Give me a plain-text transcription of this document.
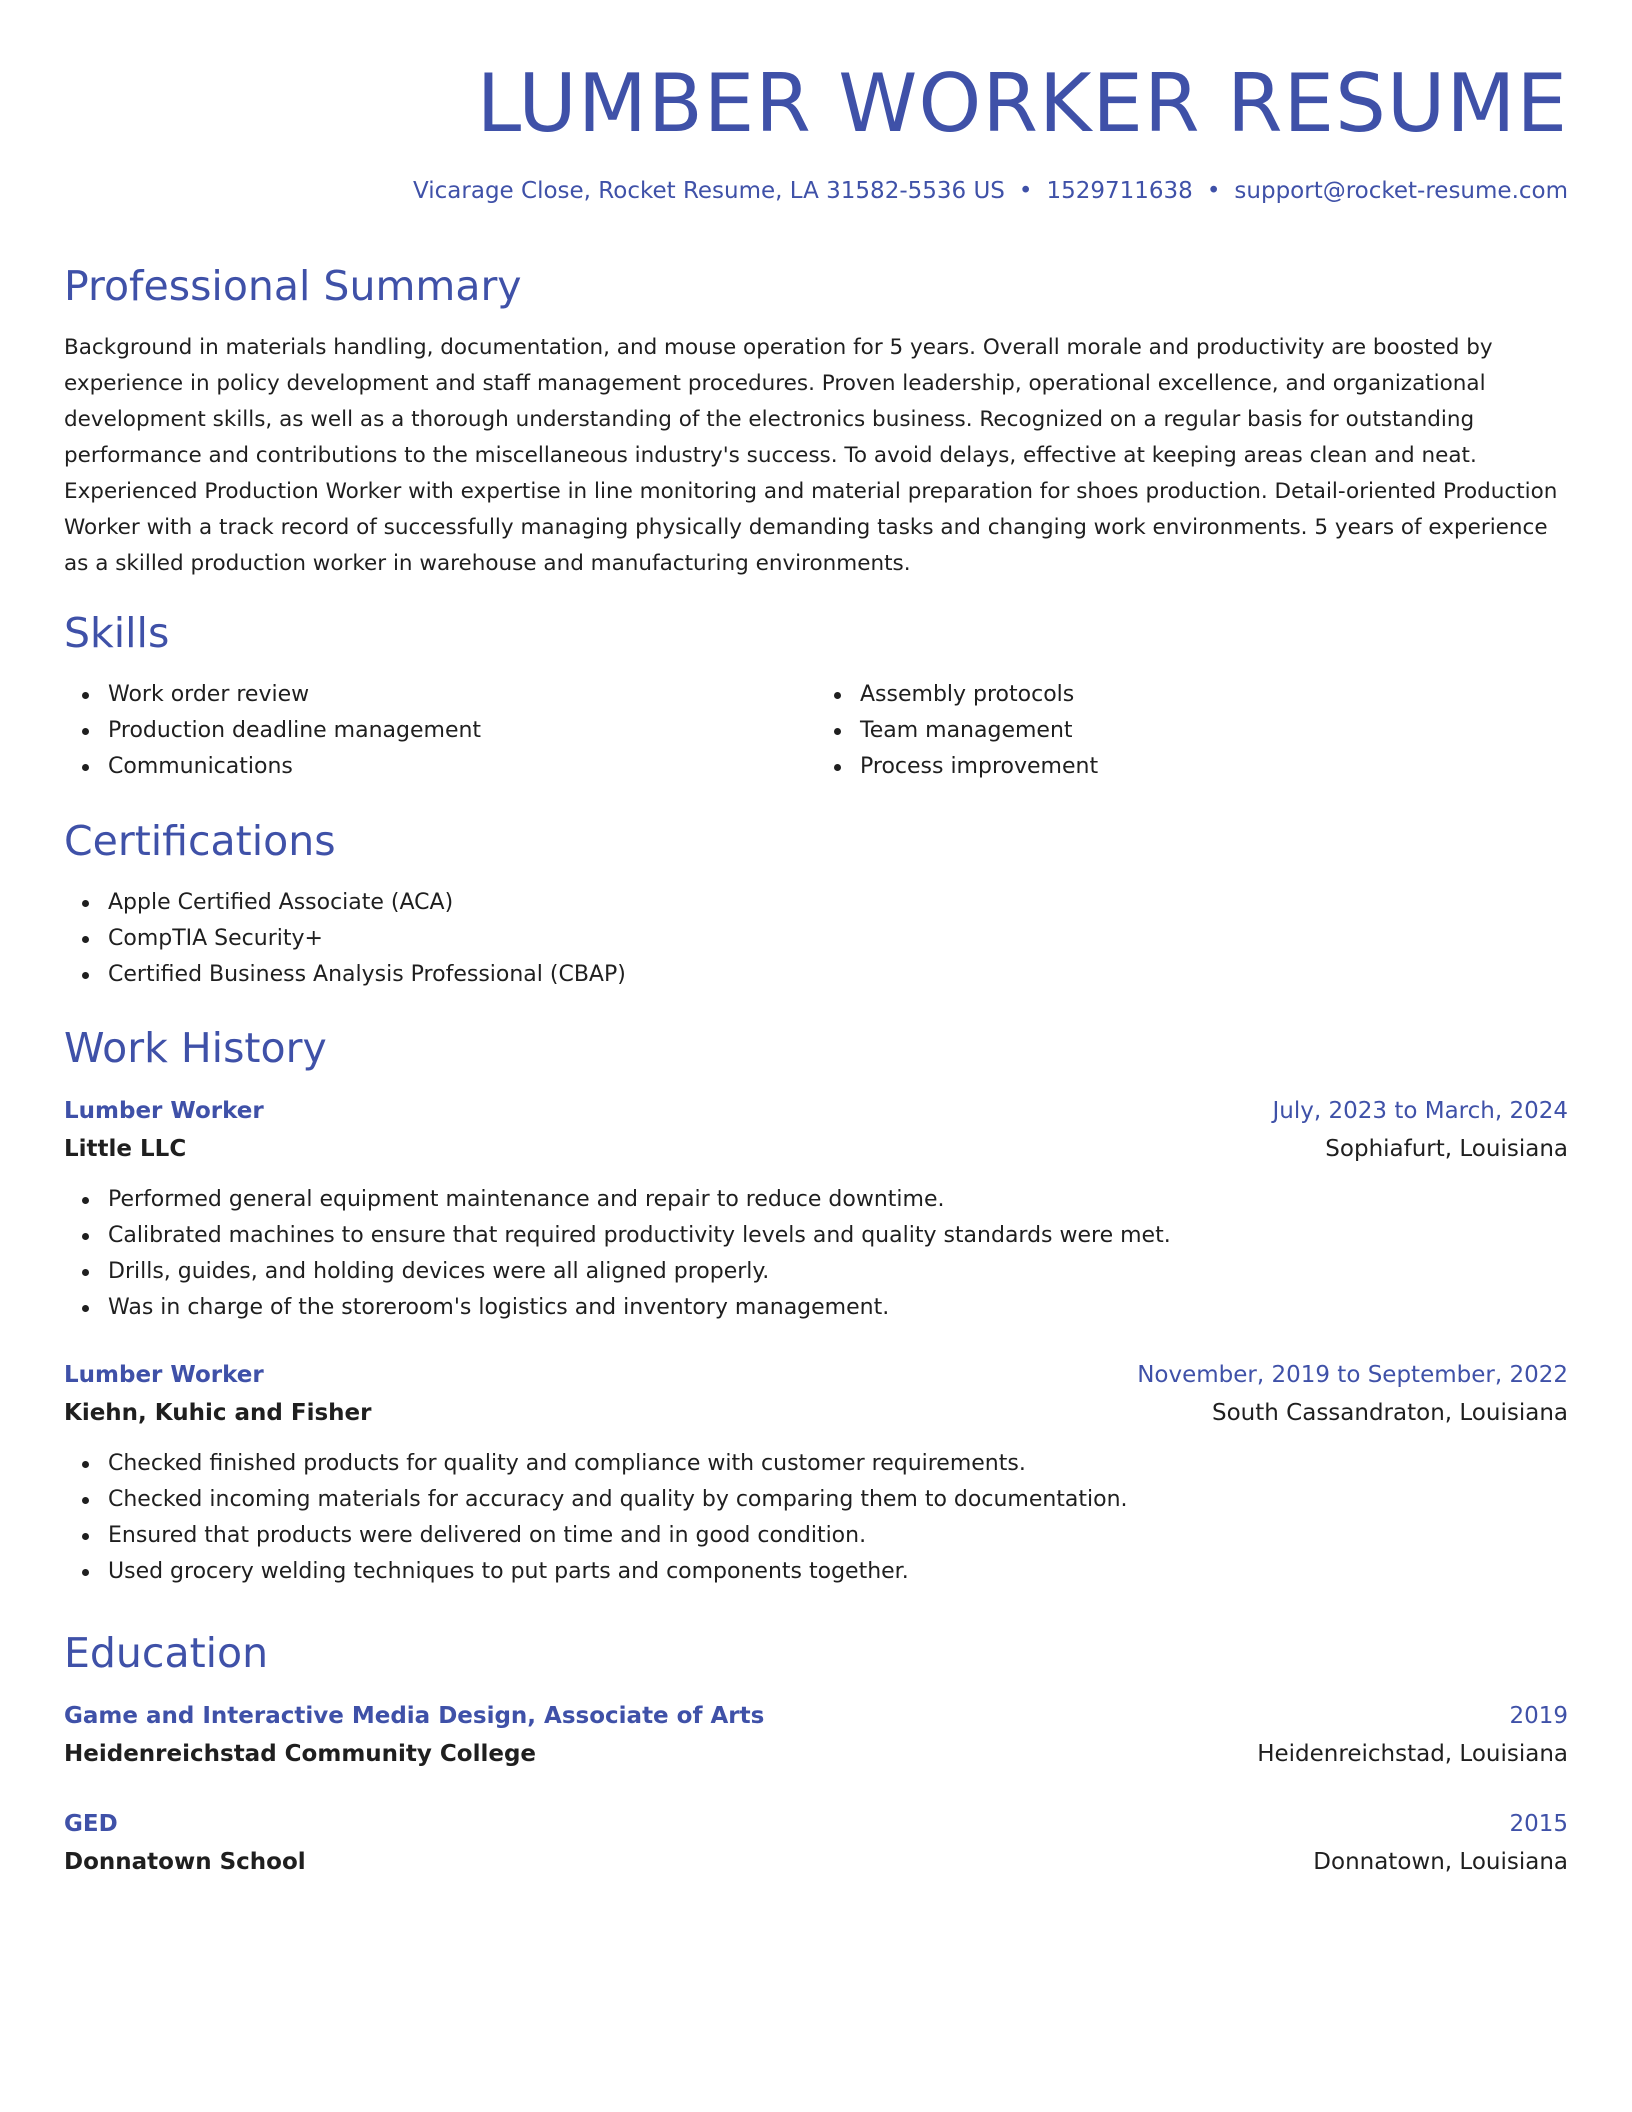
LUMBER WORKER RESUME
Vicarage Close, Rocket Resume, LA 31582-5536 US • 1529711638 • support@rocket-resume.com
Professional Summary
Background in materials handling, documentation, and mouse operation for 5 years. Overall morale and productivity are boosted by experience in policy development and staff management procedures. Proven leadership, operational excellence, and organizational development skills, as well as a thorough understanding of the electronics business. Recognized on a regular basis for outstanding performance and contributions to the miscellaneous industry's success. To avoid delays, effective at keeping areas clean and neat. Experienced Production Worker with expertise in line monitoring and material preparation for shoes production. Detail-oriented Production Worker with a track record of successfully managing physically demanding tasks and changing work environments. 5 years of experience as a skilled production worker in warehouse and manufacturing environments.
Skills
Work order review
Production deadline management
Communications
Assembly protocols
Team management
Process improvement
Certifications
Apple Certified Associate (ACA)
CompTIA Security+
Certified Business Analysis Professional (CBAP)
Work History
Lumber Worker	July, 2023 to March, 2024
Little LLC	Sophiafurt, Louisiana
Performed general equipment maintenance and repair to reduce downtime.
Calibrated machines to ensure that required productivity levels and quality standards were met.
Drills, guides, and holding devices were all aligned properly.
Was in charge of the storeroom's logistics and inventory management.
Lumber Worker	November, 2019 to September, 2022
Kiehn, Kuhic and Fisher	South Cassandraton, Louisiana
Checked finished products for quality and compliance with customer requirements.
Checked incoming materials for accuracy and quality by comparing them to documentation.
Ensured that products were delivered on time and in good condition.
Used grocery welding techniques to put parts and components together.
Education
Game and Interactive Media Design, Associate of Arts	2019
Heidenreichstad Community College	Heidenreichstad, Louisiana
GED	2015
Donnatown School	Donnatown, Louisiana
